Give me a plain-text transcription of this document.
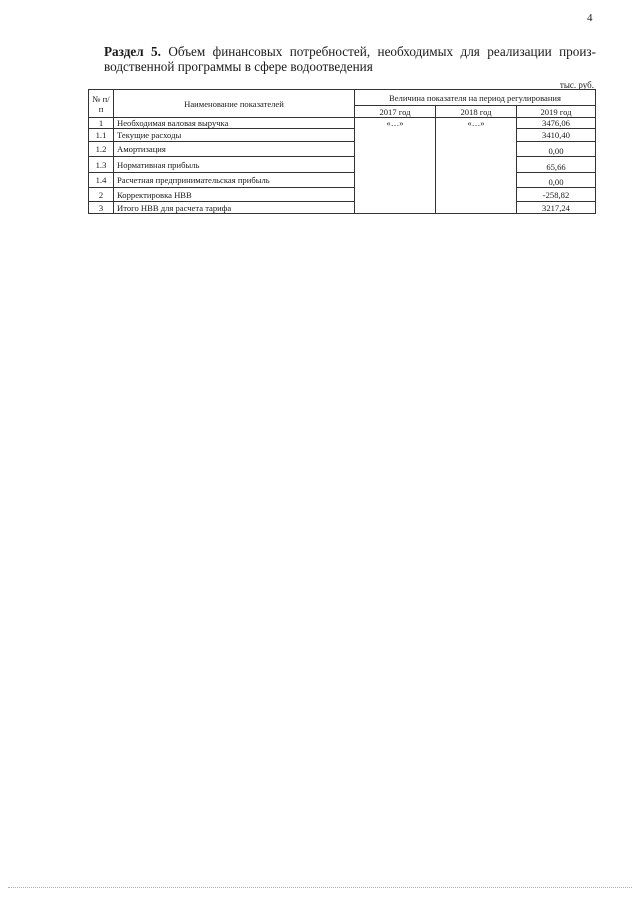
4
Раздел 5. Объем финансовых потребностей, необходимых для реализации произ-
водственной программы в сфере водоотведения
тыс. руб.
№ п/п	Наименование показателей	Величина показателя на период регулирования		
		2017 год	2018 год	2019 год
1	Необходимая валовая выручка	«…»	«…»	3476,06
1.1	Текущие расходы			3410,40
1.2	Амортизация			0,00
1.3	Нормативная прибыль			65,66
1.4	Расчетная предпринимательская прибыль			0,00
2	Корректировка НВВ			-258,82
3	Итого НВВ для расчета тарифа			3217,24
